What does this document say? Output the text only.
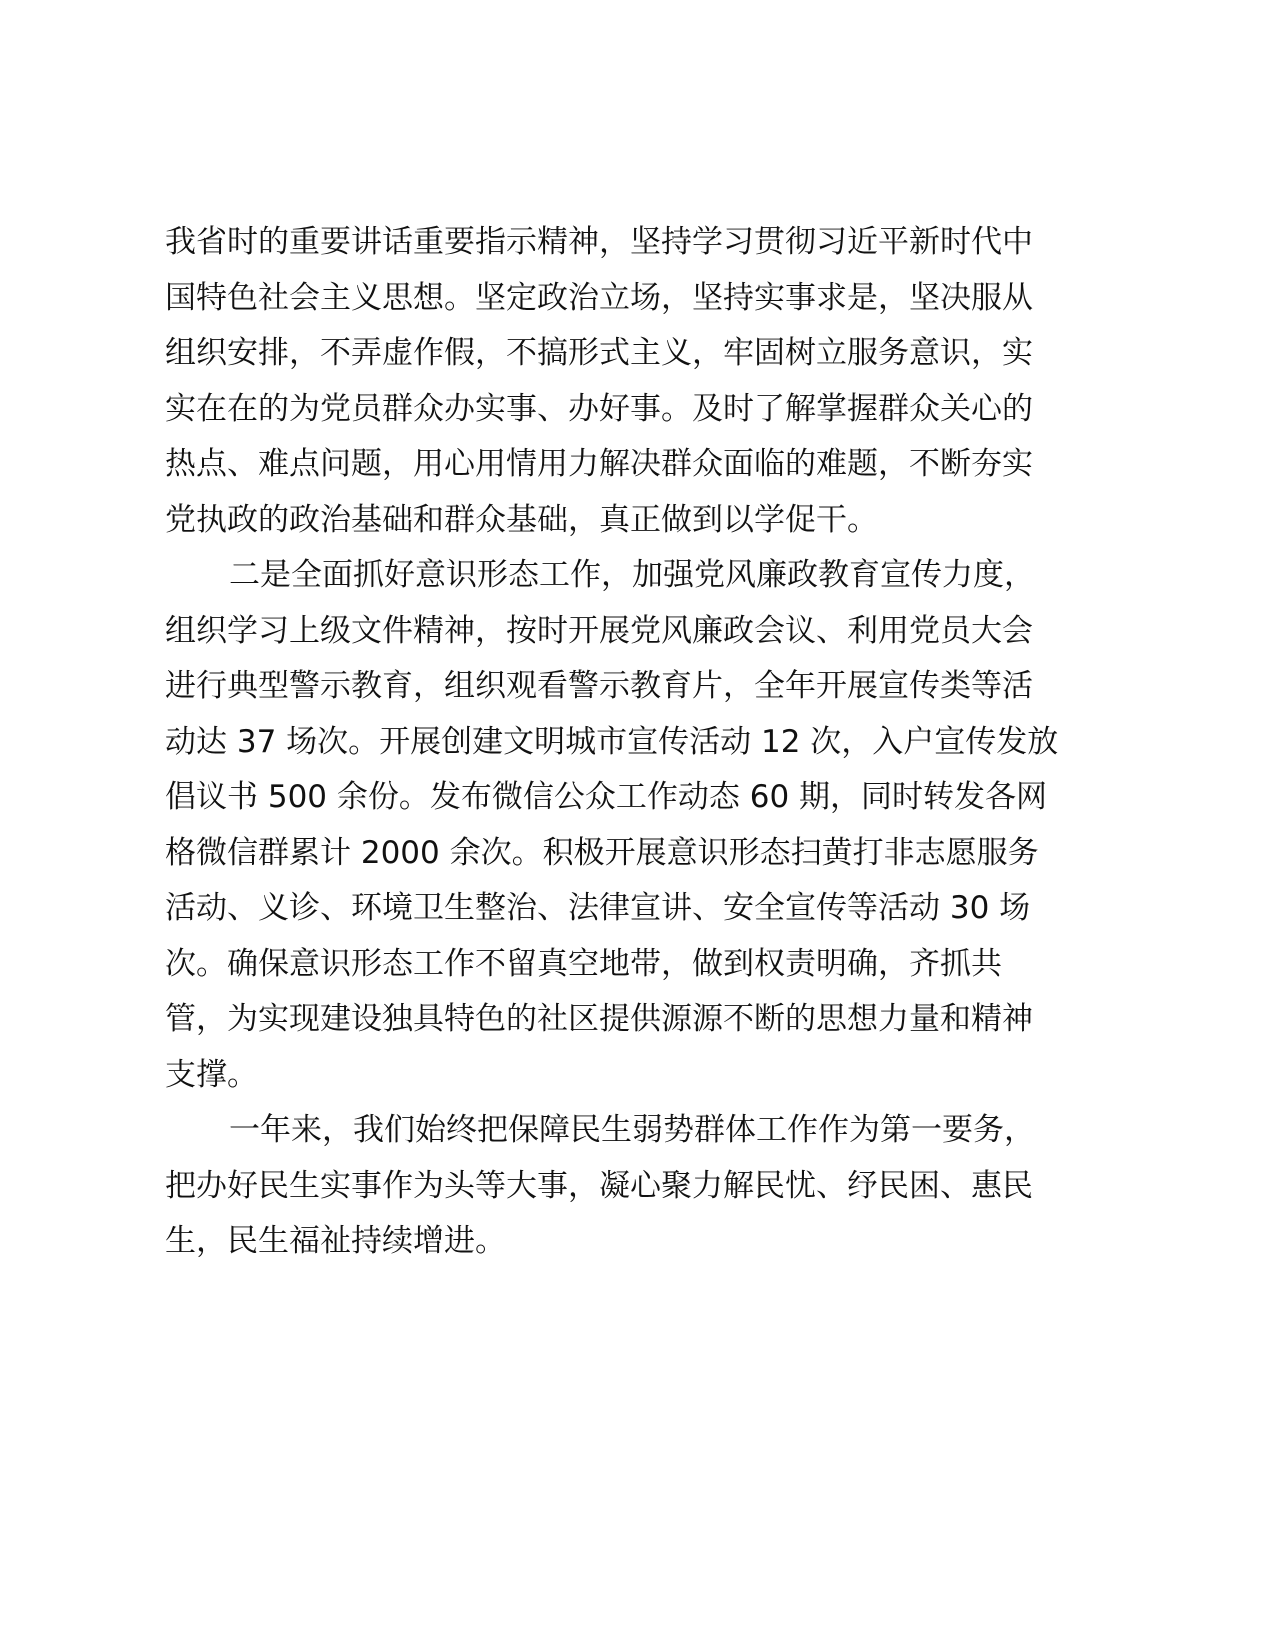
我省时的重要讲话重要指示精神，坚持学习贯彻习近平新时代中
国特色社会主义思想。坚定政治立场，坚持实事求是，坚决服从
组织安排，不弄虚作假，不搞形式主义，牢固树立服务意识，实
实在在的为党员群众办实事、办好事。及时了解掌握群众关心的
热点、难点问题，用心用情用力解决群众面临的难题，不断夯实
党执政的政治基础和群众基础，真正做到以学促干。
二是全面抓好意识形态工作，加强党风廉政教育宣传力度，
组织学习上级文件精神，按时开展党风廉政会议、利用党员大会
进行典型警示教育，组织观看警示教育片，全年开展宣传类等活
动达 37 场次。开展创建文明城市宣传活动 12 次，入户宣传发放
倡议书 500 余份。发布微信公众工作动态 60 期，同时转发各网
格微信群累计 2000 余次。积极开展意识形态扫黄打非志愿服务
活动、义诊、环境卫生整治、法律宣讲、安全宣传等活动 30 场
次。确保意识形态工作不留真空地带，做到权责明确，齐抓共
管，为实现建设独具特色的社区提供源源不断的思想力量和精神
支撑。
一年来，我们始终把保障民生弱势群体工作作为第一要务，
把办好民生实事作为头等大事，凝心聚力解民忧、纾民困、惠民
生，民生福祉持续增进。
